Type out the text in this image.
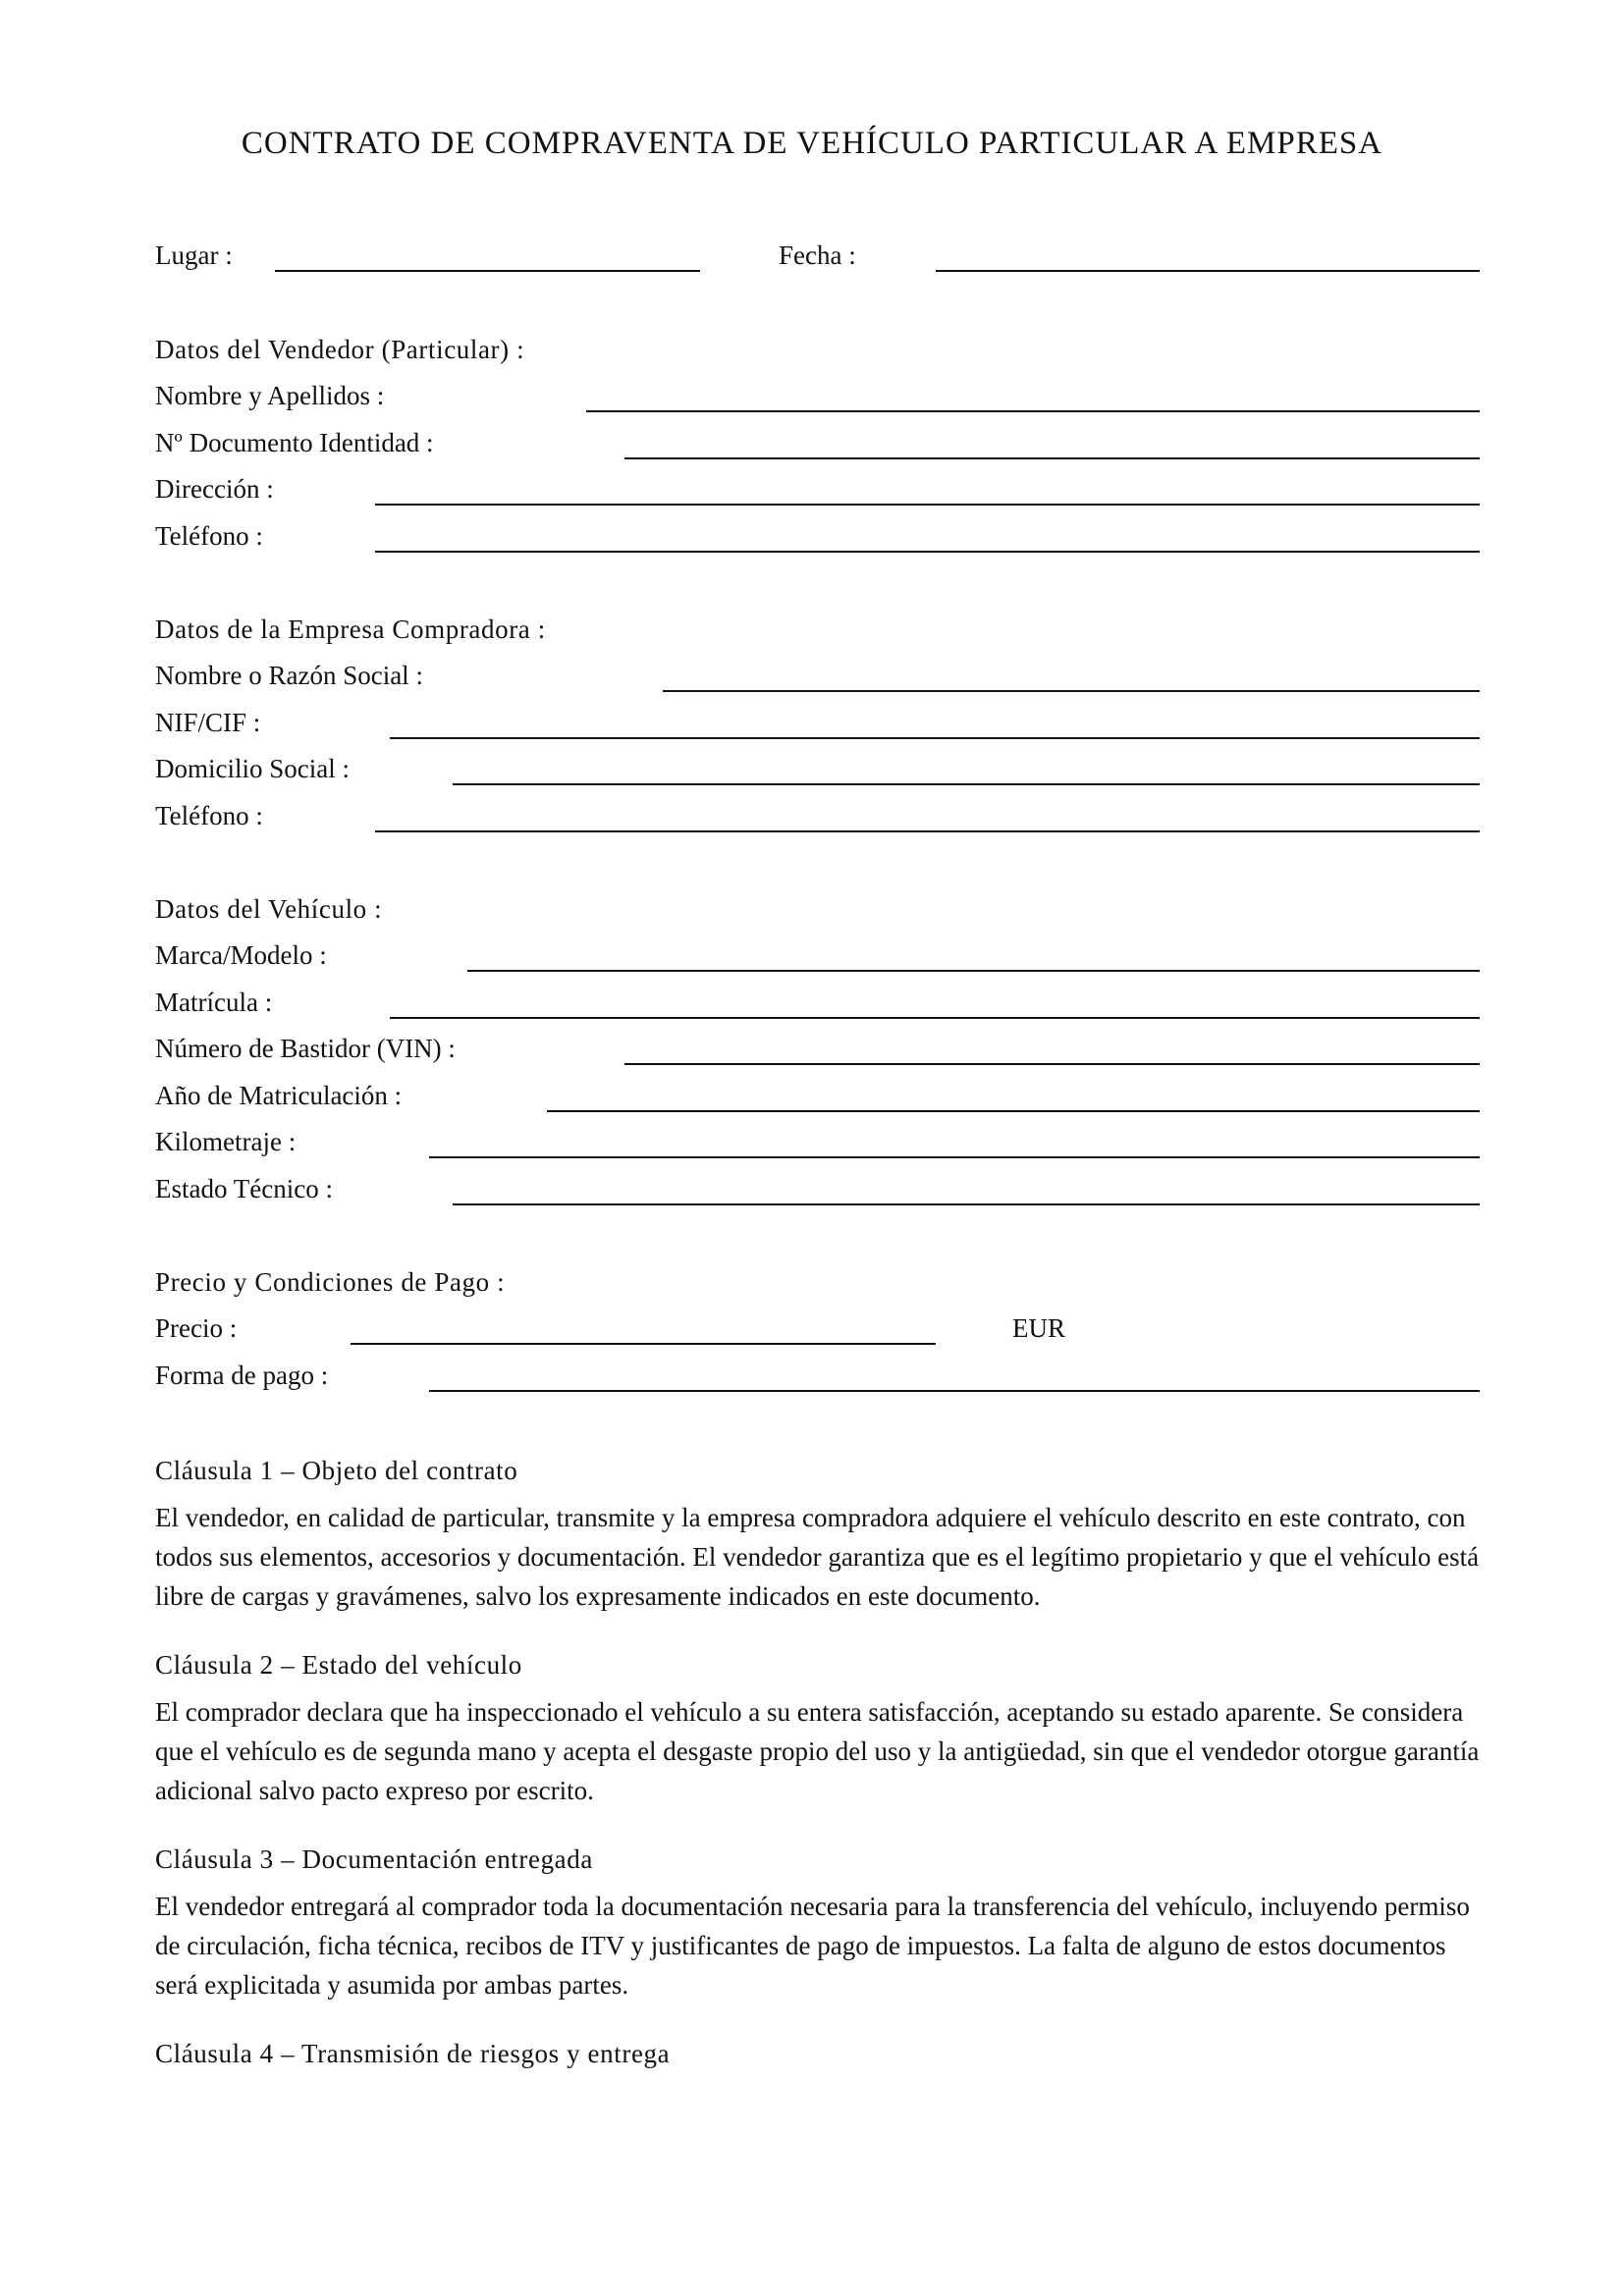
CONTRATO DE COMPRAVENTA DE VEHÍCULO PARTICULAR A EMPRESA
Lugar :	Fecha :
Datos del Vendedor (Particular) :
Nombre y Apellidos :
Nº Documento Identidad :
Dirección :
Teléfono :
Datos de la Empresa Compradora :
Nombre o Razón Social :
NIF/CIF :
Domicilio Social :
Teléfono :
Datos del Vehículo :
Marca/Modelo :
Matrícula :
Número de Bastidor (VIN) :
Año de Matriculación :
Kilometraje :
Estado Técnico :
Precio y Condiciones de Pago :
Precio :	EUR
Forma de pago :
Cláusula 1 – Objeto del contrato
El vendedor, en calidad de particular, transmite y la empresa compradora adquiere el vehículo descrito en este contrato, con todos sus elementos, accesorios y documentación. El vendedor garantiza que es el legítimo propietario y que el vehículo está libre de cargas y gravámenes, salvo los expresamente indicados en este documento.
Cláusula 2 – Estado del vehículo
El comprador declara que ha inspeccionado el vehículo a su entera satisfacción, aceptando su estado aparente. Se considera que el vehículo es de segunda mano y acepta el desgaste propio del uso y la antigüedad, sin que el vendedor otorgue garantía adicional salvo pacto expreso por escrito.
Cláusula 3 – Documentación entregada
El vendedor entregará al comprador toda la documentación necesaria para la transferencia del vehículo, incluyendo permiso de circulación, ficha técnica, recibos de ITV y justificantes de pago de impuestos. La falta de alguno de estos documentos será explicitada y asumida por ambas partes.
Cláusula 4 – Transmisión de riesgos y entrega
